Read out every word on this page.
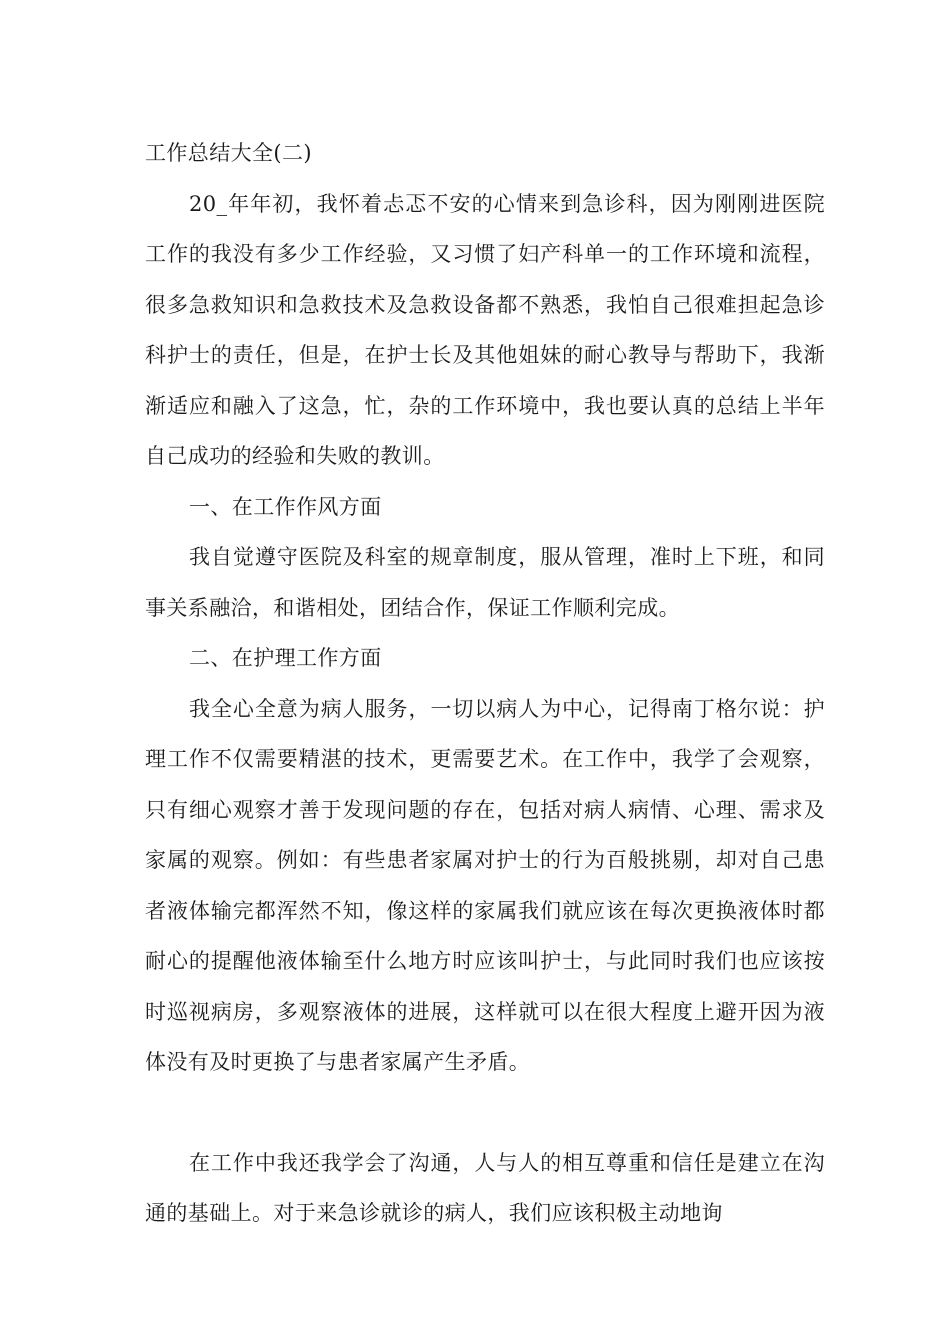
工作总结大全(二)

20_年年初，我怀着忐忑不安的心情来到急诊科，因为刚刚进医院工作的我没有多少工作经验，又习惯了妇产科单一的工作环境和流程，很多急救知识和急救技术及急救设备都不熟悉，我怕自己很难担起急诊科护士的责任，但是，在护士长及其他姐妹的耐心教导与帮助下，我渐渐适应和融入了这急，忙，杂的工作环境中，我也要认真的总结上半年自己成功的经验和失败的教训。

一、在工作作风方面

我自觉遵守医院及科室的规章制度，服从管理，准时上下班，和同事关系融洽，和谐相处，团结合作，保证工作顺利完成。

二、在护理工作方面

我全心全意为病人服务，一切以病人为中心，记得南丁格尔说：护理工作不仅需要精湛的技术，更需要艺术。在工作中，我学了会观察，只有细心观察才善于发现问题的存在，包括对病人病情、心理、需求及家属的观察。例如：有些患者家属对护士的行为百般挑剔，却对自己患者液体输完都浑然不知，像这样的家属我们就应该在每次更换液体时都耐心的提醒他液体输至什么地方时应该叫护士，与此同时我们也应该按时巡视病房，多观察液体的进展，这样就可以在很大程度上避开因为液体没有及时更换了与患者家属产生矛盾。

在工作中我还我学会了沟通，人与人的相互尊重和信任是建立在沟通的基础上。对于来急诊就诊的病人，我们应该积极主动地询
